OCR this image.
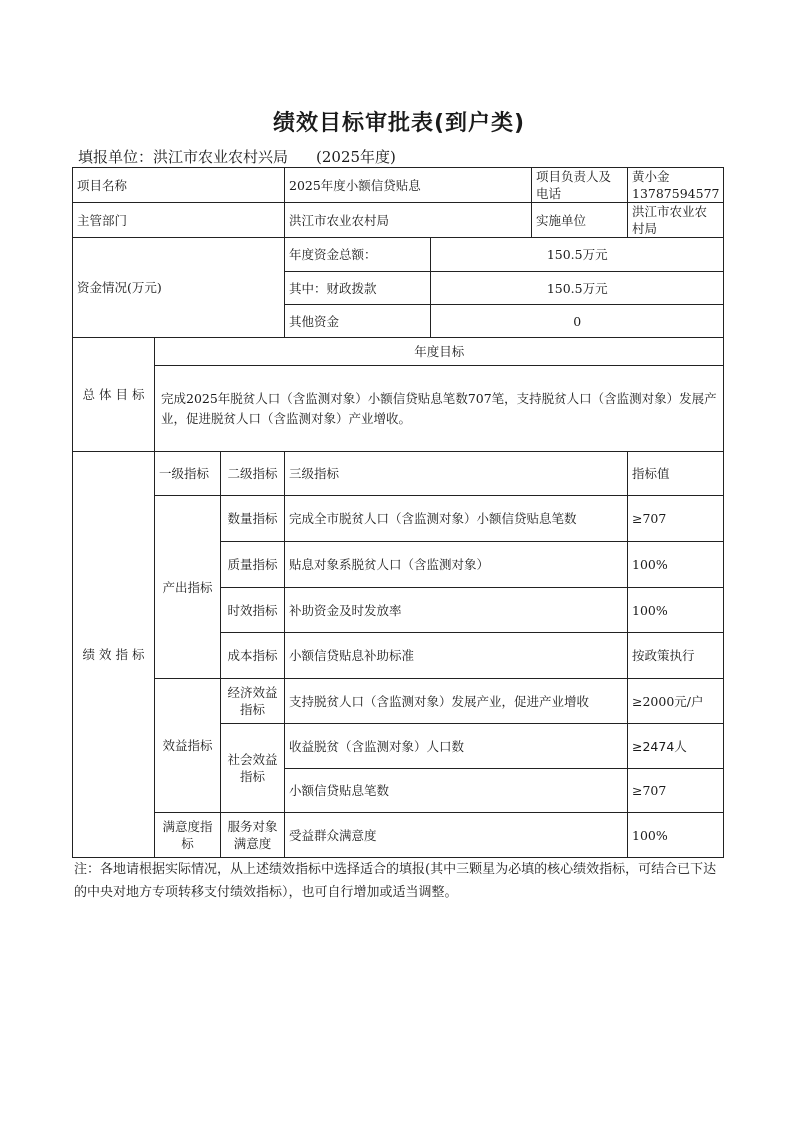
绩效目标审批表(到户类)
填报单位：洪江市农业农村兴局 (2025年度)
项目名称			2025年度小额信贷贴息		项目负责人及电话	黄小金13787594577
主管部门			洪江市农业农村局		实施单位	洪江市农业农村局
资金情况(万元)			年度资金总额：	150.5万元		
			其中：财政拨款	150.5万元		
			其他资金	0		
总 体 目 标	年度目标					
	完成2025年脱贫人口（含监测对象）小额信贷贴息笔数707笔，支持脱贫人口（含监测对象）发展产业，促进脱贫人口（含监测对象）产业增收。					
绩 效 指 标	一级指标	二级指标	三级指标			指标值
	产出指标	数量指标	完成全市脱贫人口（含监测对象）小额信贷贴息笔数			≥707
		质量指标	贴息对象系脱贫人口（含监测对象）			100%
		时效指标	补助资金及时发放率			100%
		成本指标	小额信贷贴息补助标准			按政策执行
	效益指标	经济效益指标	支持脱贫人口（含监测对象）发展产业，促进产业增收			≥2000元/户
		社会效益指标	收益脱贫（含监测对象）人口数			≥2474人
			小额信贷贴息笔数			≥707
	满意度指标	服务对象满意度	受益群众满意度			100%
注：各地请根据实际情况，从上述绩效指标中选择适合的填报(其中三颗星为必填的核心绩效指标，可结合已下达的中央对地方专项转移支付绩效指标），也可自行增加或适当调整。
